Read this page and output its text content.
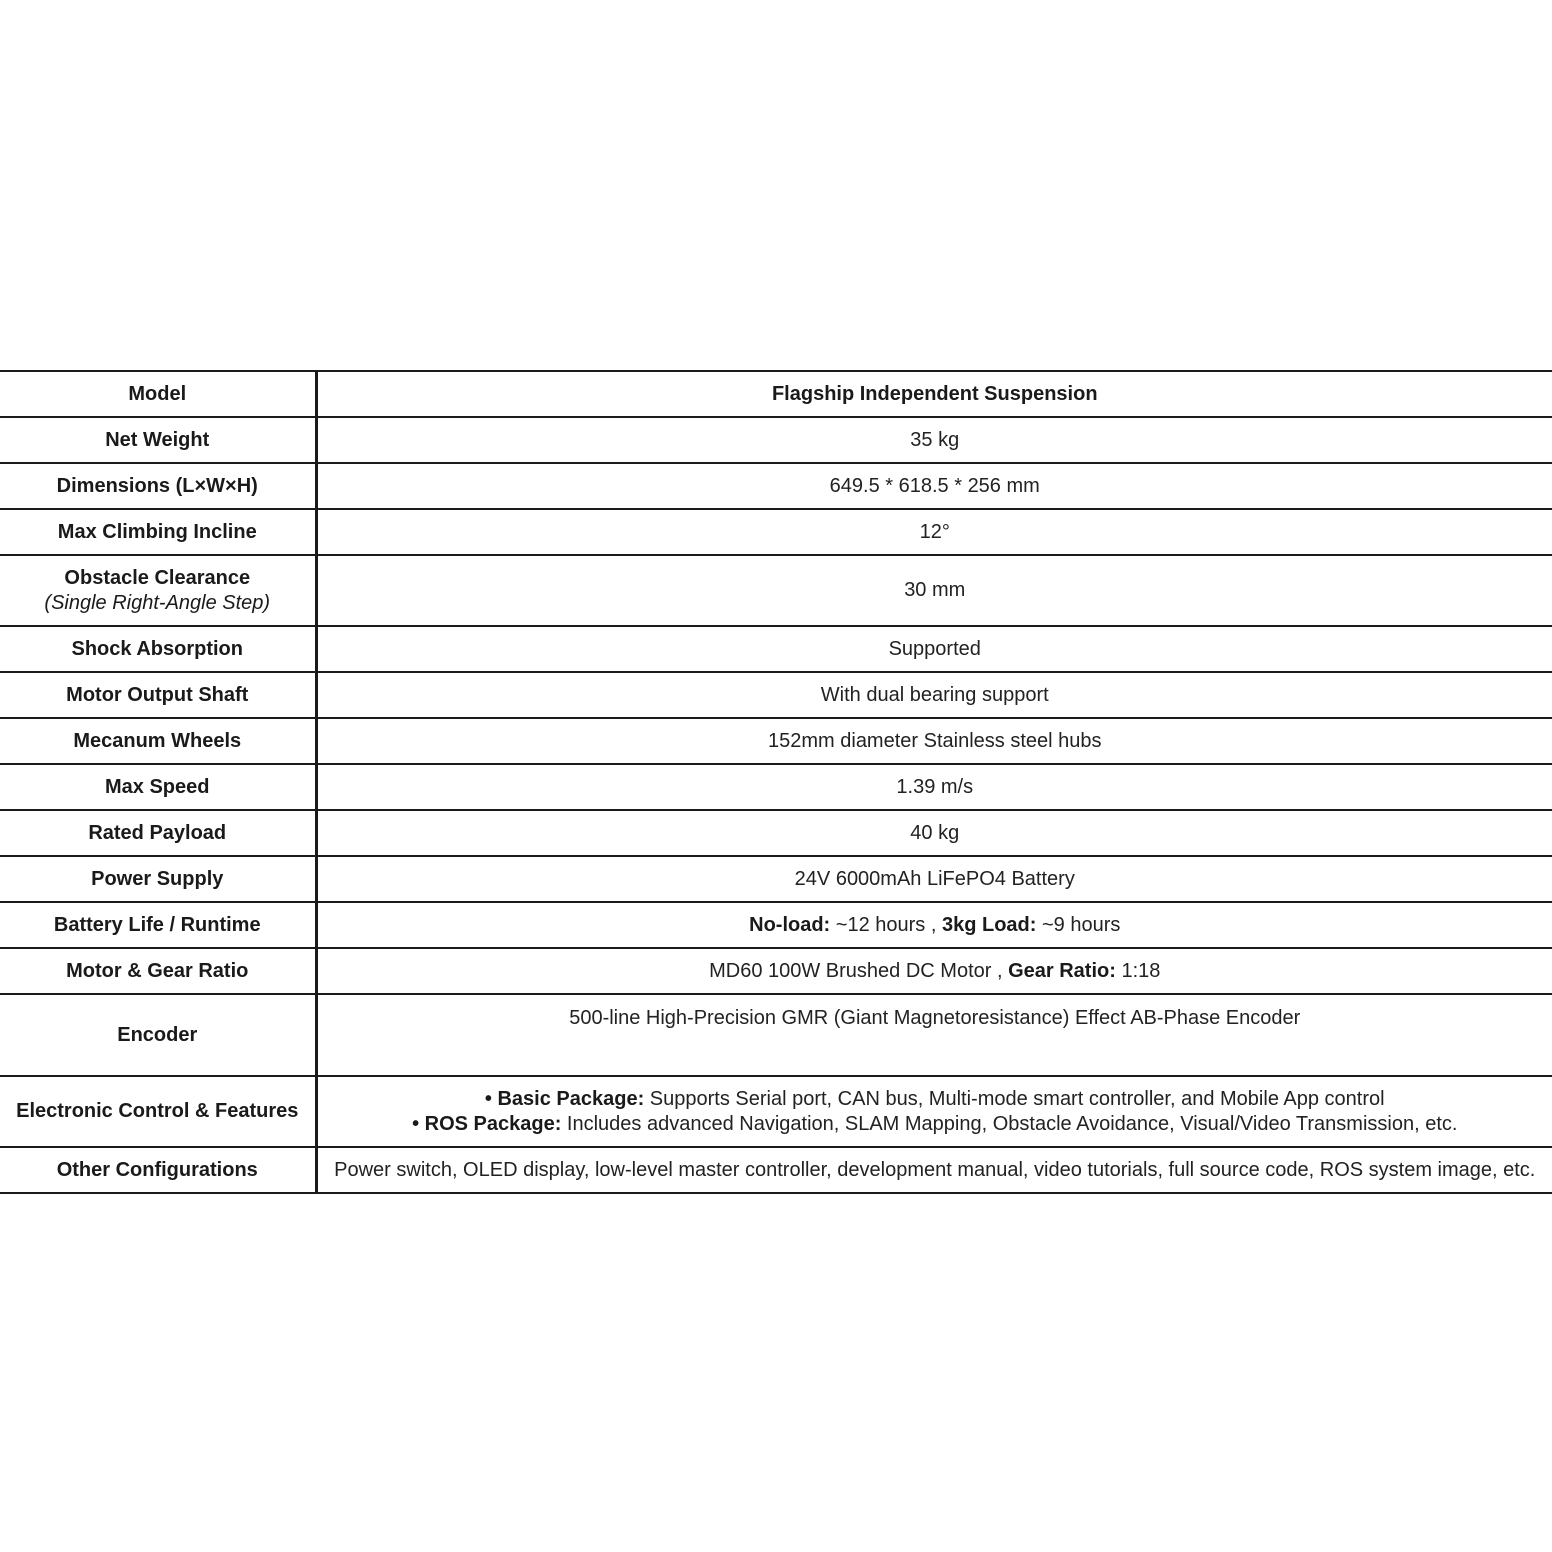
Model	Flagship Independent Suspension
Net Weight	35 kg
Dimensions (L×W×H)	649.5 * 618.5 * 256 mm
Max Climbing Incline	12°

Obstacle Clearance
(Single Right-Angle Step)	30 mm
Shock Absorption	Supported
Motor Output Shaft	With dual bearing support
Mecanum Wheels	152mm diameter Stainless steel hubs
Max Speed	1.39 m/s
Rated Payload	40 kg
Power Supply	24V 6000mAh LiFePO4 Battery
Battery Life / Runtime	No-load: ~12 hours , 3kg Load: ~9 hours
Motor & Gear Ratio	MD60 100W Brushed DC Motor , Gear Ratio: 1:18
Encoder	500-line High-Precision GMR (Giant Magnetoresistance) Effect AB-Phase Encoder
Electronic Control & Features	• Basic Package: Supports Serial port, CAN bus, Multi-mode smart controller, and Mobile App control
• ROS Package: Includes advanced Navigation, SLAM Mapping, Obstacle Avoidance, Visual/Video Transmission, etc.

Other Configurations	Power switch, OLED display, low-level master controller, development manual, video tutorials, full source code, ROS system image, etc.
